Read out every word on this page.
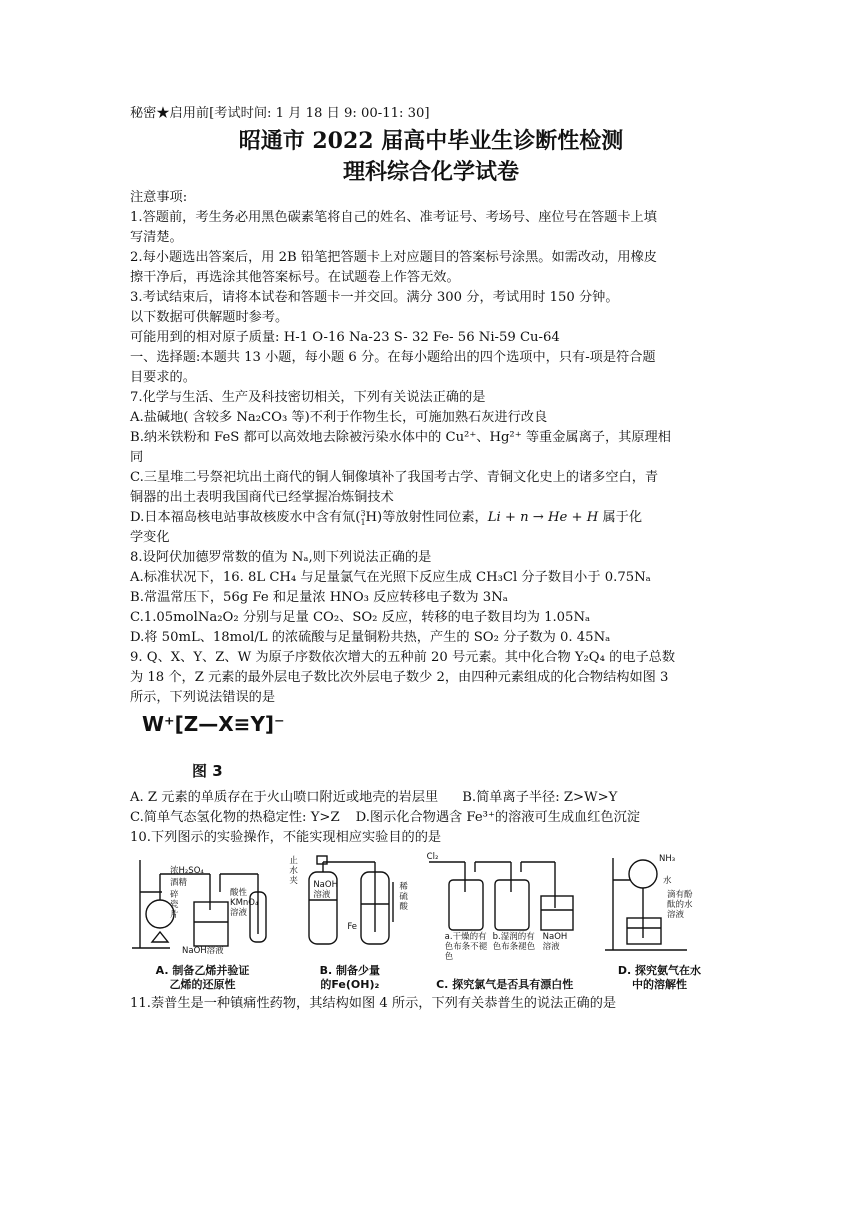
秘密★启用前[考试时间: 1 月 18 日 9: 00-11: 30]
昭通市 2022 届高中毕业生诊断性检测
理科综合化学试卷
注意事项:
1.答题前，考生务必用黑色碳素笔将自己的姓名、准考证号、考场号、座位号在答题卡上填
写清楚。
2.每小题选出答案后，用 2B 铅笔把答题卡上对应题目的答案标号涂黑。如需改动，用橡皮
擦干净后，再选涂其他答案标号。在试题卷上作答无效。
3.考试结束后，请将本试卷和答题卡一并交回。满分 300 分，考试用时 150 分钟。
以下数据可供解题时参考。
可能用到的相对原子质量: H-1 O-16 Na-23 S- 32 Fe- 56 Ni-59 Cu-64
一、选择题:本题共 13 小题，每小题 6 分。在每小题给出的四个选项中，只有-项是符合题
目要求的。
7.化学与生活、生产及科技密切相关，下列有关说法正确的是
A.盐碱地( 含较多 Na₂CO₃ 等)不利于作物生长，可施加熟石灰进行改良
B.纳米铁粉和 FeS 都可以高效地去除被污染水体中的 Cu²⁺、Hg²⁺ 等重金属离子，其原理相
同
C.三星堆二号祭祀坑出土商代的铜人铜像填补了我国考古学、青铜文化史上的诸多空白，青
铜器的出土表明我国商代已经掌握冶炼铜技术
D.日本福岛核电站事故核废水中含有氚(3
1H)等放射性同位素，Li + n → He + H 属于化
学变化
8.设阿伏加德罗常数的值为 Nₐ,则下列说法正确的是
A.标准状况下，16. 8L CH₄ 与足量氯气在光照下反应生成 CH₃Cl 分子数目小于 0.75Nₐ
B.常温常压下，56g Fe 和足量浓 HNO₃ 反应转移电子数为 3Nₐ
C.1.05molNa₂O₂ 分别与足量 CO₂、SO₂ 反应，转移的电子数目均为 1.05Nₐ
D.将 50mL、18mol/L 的浓硫酸与足量铜粉共热，产生的 SO₂ 分子数为 0. 45Nₐ
9. Q、X、Y、Z、W 为原子序数依次增大的五种前 20 号元素。其中化合物 Y₂Q₄ 的电子总数
为 18 个，Z 元素的最外层电子数比次外层电子数少 2，由四种元素组成的化合物结构如图 3
所示，下列说法错误的是
W⁺[Z—X≡Y]⁻
图 3
A. Z 元素的单质存在于火山喷口附近或地壳的岩层里 B.简单离子半径: Z>W>Y
C.简单气态氢化物的热稳定性: Y>Z D.图示化合物遇含 Fe³⁺的溶液可生成血红色沉淀
10.下列图示的实验操作，不能实现相应实验目的的是
浓H₂SO₄
酒精
碎瓷片
酸性KMnO₄溶液
NaOH溶液
A. 制备乙烯并验证
乙烯的还原性
止水夹	NaOH溶液
稀硫酸
Fe
B. 制备少量
的Fe(OH)₂
Cl₂
a.干燥的有色布条不褪色
b.湿润的有色布条褪色
NaOH溶液
C. 探究氯气是否具有漂白性
NH₃
水
滴有酚酞的水溶液
D. 探究氨气在水
中的溶解性
11.萘普生是一种镇痛性药物，其结构如图 4 所示，下列有关恭普生的说法正确的是
